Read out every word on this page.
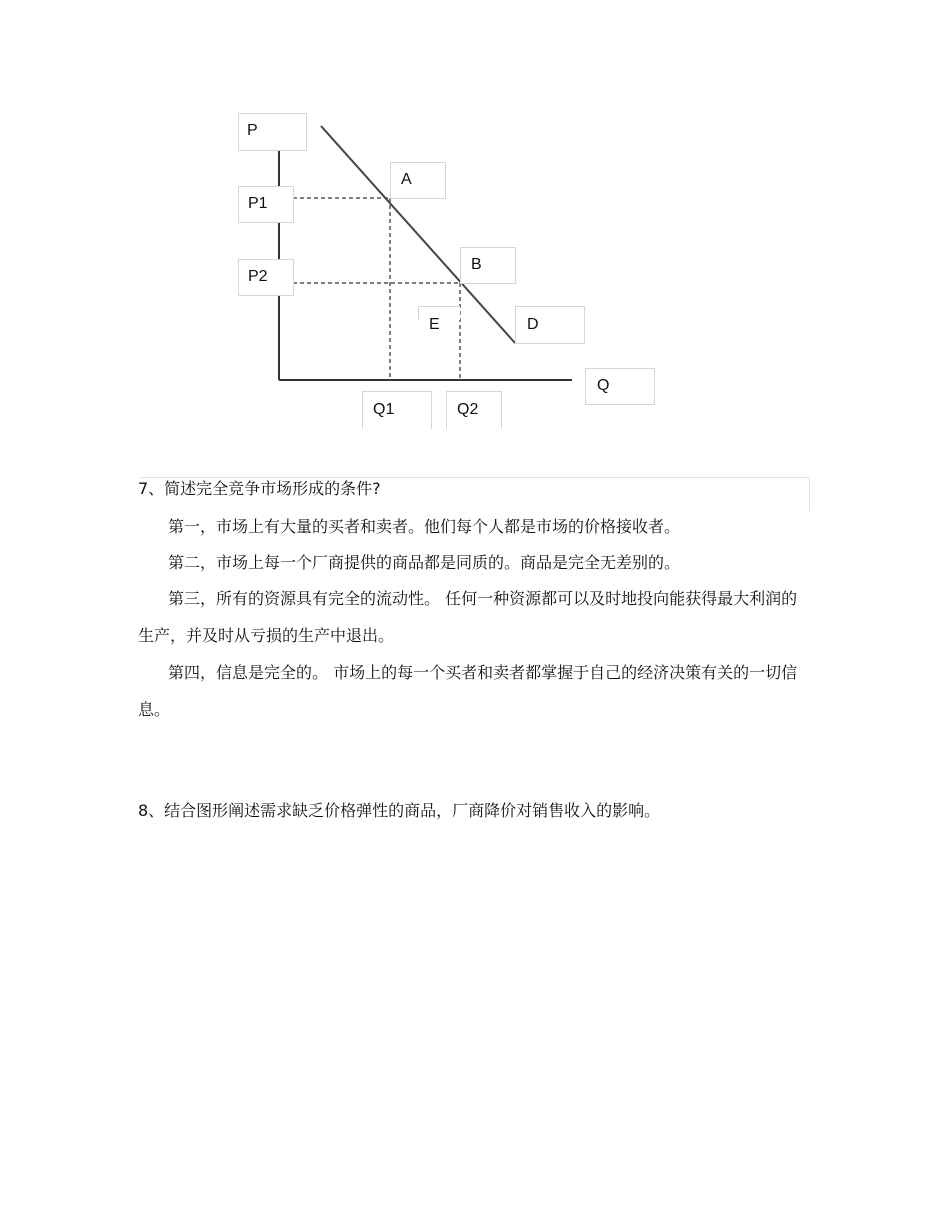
P
P1
P2
A
B
E	D
Q
Q1	Q2
7、简述完全竞争市场形成的条件?

第一，市场上有大量的买者和卖者。他们每个人都是市场的价格接收者。

第二，市场上每一个厂商提供的商品都是同质的。商品是完全无差别的。

第三，所有的资源具有完全的流动性。 任何一种资源都可以及时地投向能获得最大利润的生产，并及时从亏损的生产中退出。

第四，信息是完全的。 市场上的每一个买者和卖者都掌握于自己的经济决策有关的一切信息。

8、结合图形阐述需求缺乏价格弹性的商品，厂商降价对销售收入的影响。
